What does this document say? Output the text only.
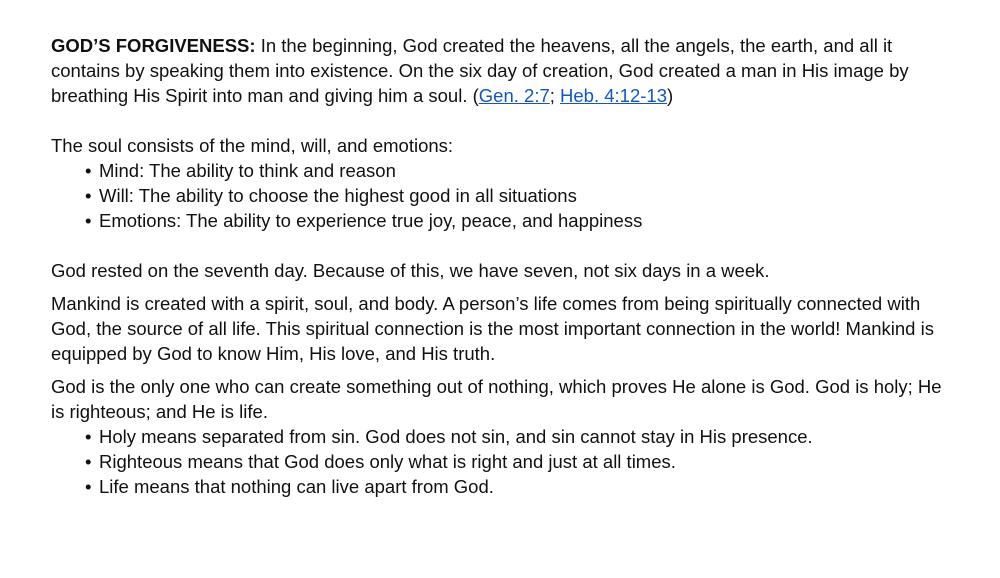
GOD’S FORGIVENESS: In the beginning, God created the heavens, all the angels, the earth, and all it contains by speaking them into existence. On the six day of creation, God created a man in His image by breathing His Spirit into man and giving him a soul. (Gen. 2:7; Heb. 4:12-13)

The soul consists of the mind, will, and emotions:

• Mind: The ability to think and reason
• Will: The ability to choose the highest good in all situations
• Emotions: The ability to experience true joy, peace, and happiness

God rested on the seventh day. Because of this, we have seven, not six days in a week.

Mankind is created with a spirit, soul, and body. A person’s life comes from being spiritually connected with God, the source of all life. This spiritual connection is the most important connection in the world! Mankind is equipped by God to know Him, His love, and His truth.

God is the only one who can create something out of nothing, which proves He alone is God. God is holy; He is righteous; and He is life.

• Holy means separated from sin. God does not sin, and sin cannot stay in His presence.
• Righteous means that God does only what is right and just at all times.
• Life means that nothing can live apart from God.
